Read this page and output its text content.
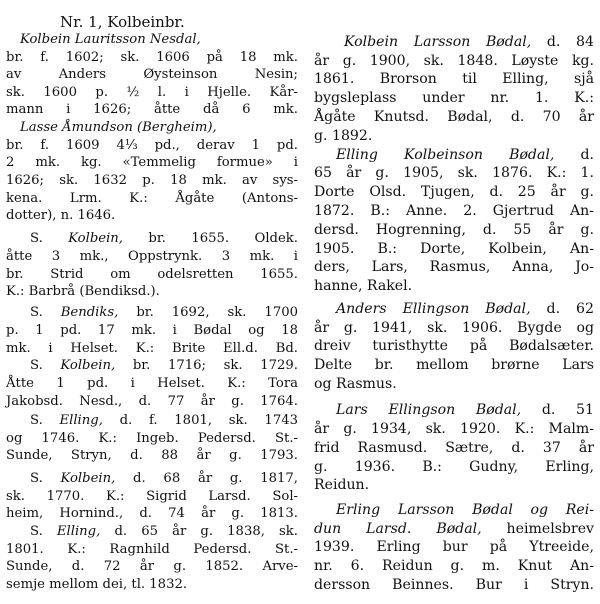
Nr. 1, Kolbeinbr.
Kolbein Lauritsson Nesdal,
br. f. 1602; sk. 1606 på 18 mk.
av Anders Øysteinson Nesin;
sk. 1600 p. ½ l. i Hjelle. Kår-
mann i 1626; åtte då 6 mk.
Lasse Åmundson (Bergheim),
br. f. 1609 4⅓ pd., derav 1 pd.
2 mk. kg. «Temmelig formue» i
1626; sk. 1632 p. 18 mk. av sys-
kena. Lrm. K.: Ågåte (Antons-
dotter), n. 1646.
S. Kolbein, br. 1655. Oldek.
åtte 3 mk., Oppstrynk. 3 mk. i
br. Strid om odelsretten 1655.
K.: Barbrå (Bendiksd.).
S. Bendiks, br. 1692, sk. 1700
p. 1 pd. 17 mk. i Bødal og 18
mk. i Helset. K.: Brite Ell.d. Bd.
S. Kolbein, br. 1716; sk. 1729.
Åtte 1 pd. i Helset. K.: Tora
Jakobsd. Nesd., d. 77 år g. 1764.
S. Elling, d. f. 1801, sk. 1743
og 1746. K.: Ingeb. Pedersd. St.-
Sunde, Stryn, d. 88 år g. 1793.
S. Kolbein, d. 68 år g. 1817,
sk. 1770. K.: Sigrid Larsd. Sol-
heim, Hornind., d. 74 år g. 1813.
S. Elling, d. 65 år g. 1838, sk.
1801. K.: Ragnhild Pedersd. St.-
Sunde, d. 72 år g. 1852. Arve-
semje mellom dei, tl. 1832.
Kolbein Larsson Bødal, d. 84
år g. 1900, sk. 1848. Løyste kg.
1861. Brorson til Elling, sjå
bygsleplass under nr. 1. K.:
Ågåte Knutsd. Bødal, d. 70 år
g. 1892.
Elling Kolbeinson Bødal, d.
65 år g. 1905, sk. 1876. K.: 1.
Dorte Olsd. Tjugen, d. 25 år g.
1872. B.: Anne. 2. Gjertrud An-
dersd. Hogrenning, d. 55 år g.
1905. B.: Dorte, Kolbein, An-
ders, Lars, Rasmus, Anna, Jo-
hanne, Rakel.
Anders Ellingson Bødal, d. 62
år g. 1941, sk. 1906. Bygde og
dreiv turisthytte på Bødalsæter.
Delte br. mellom brørne Lars
og Rasmus.
Lars Ellingson Bødal, d. 51
år g. 1934, sk. 1920. K.: Malm-
frid Rasmusd. Sætre, d. 37 år
g. 1936. B.: Gudny, Erling,
Reidun.
Erling Larsson Bødal og Rei-
dun Larsd. Bødal, heimelsbrev
1939. Erling bur på Ytreeide,
nr. 6. Reidun g. m. Knut An-
dersson Beinnes. Bur i Stryn.
